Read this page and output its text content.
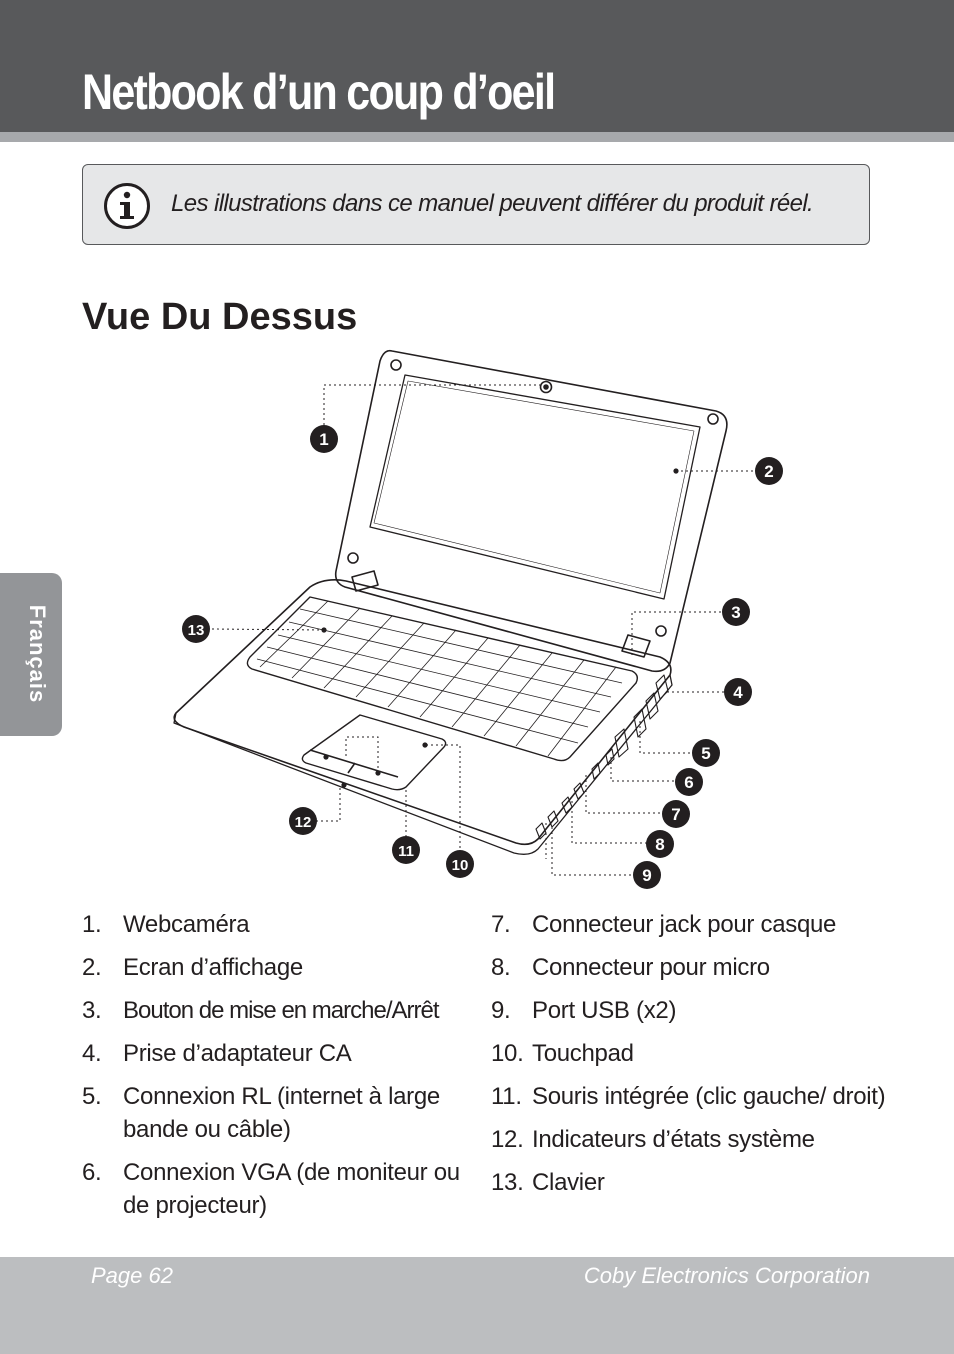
Netbook d’un coup d’oeil
Les illustrations dans ce manuel peuvent différer du produit réel.
Vue Du Dessus
1
2
3
4
5
6
7
8
9
10
11
12
13
Français
1. Webcaméra
2. Ecran d’affichage
3. Bouton de mise en marche/Arrêt
4. Prise d’adaptateur CA
5. Connexion RL (internet à large bande ou câble)
6. Connexion VGA (de moniteur ou de projecteur)
7. Connecteur jack pour casque
8. Connecteur pour micro
9. Port USB (x2)
10. Touchpad
11. Souris intégrée (clic gauche/ droit)
12. Indicateurs d’états système
13. Clavier
Page 62	Coby Electronics Corporation
